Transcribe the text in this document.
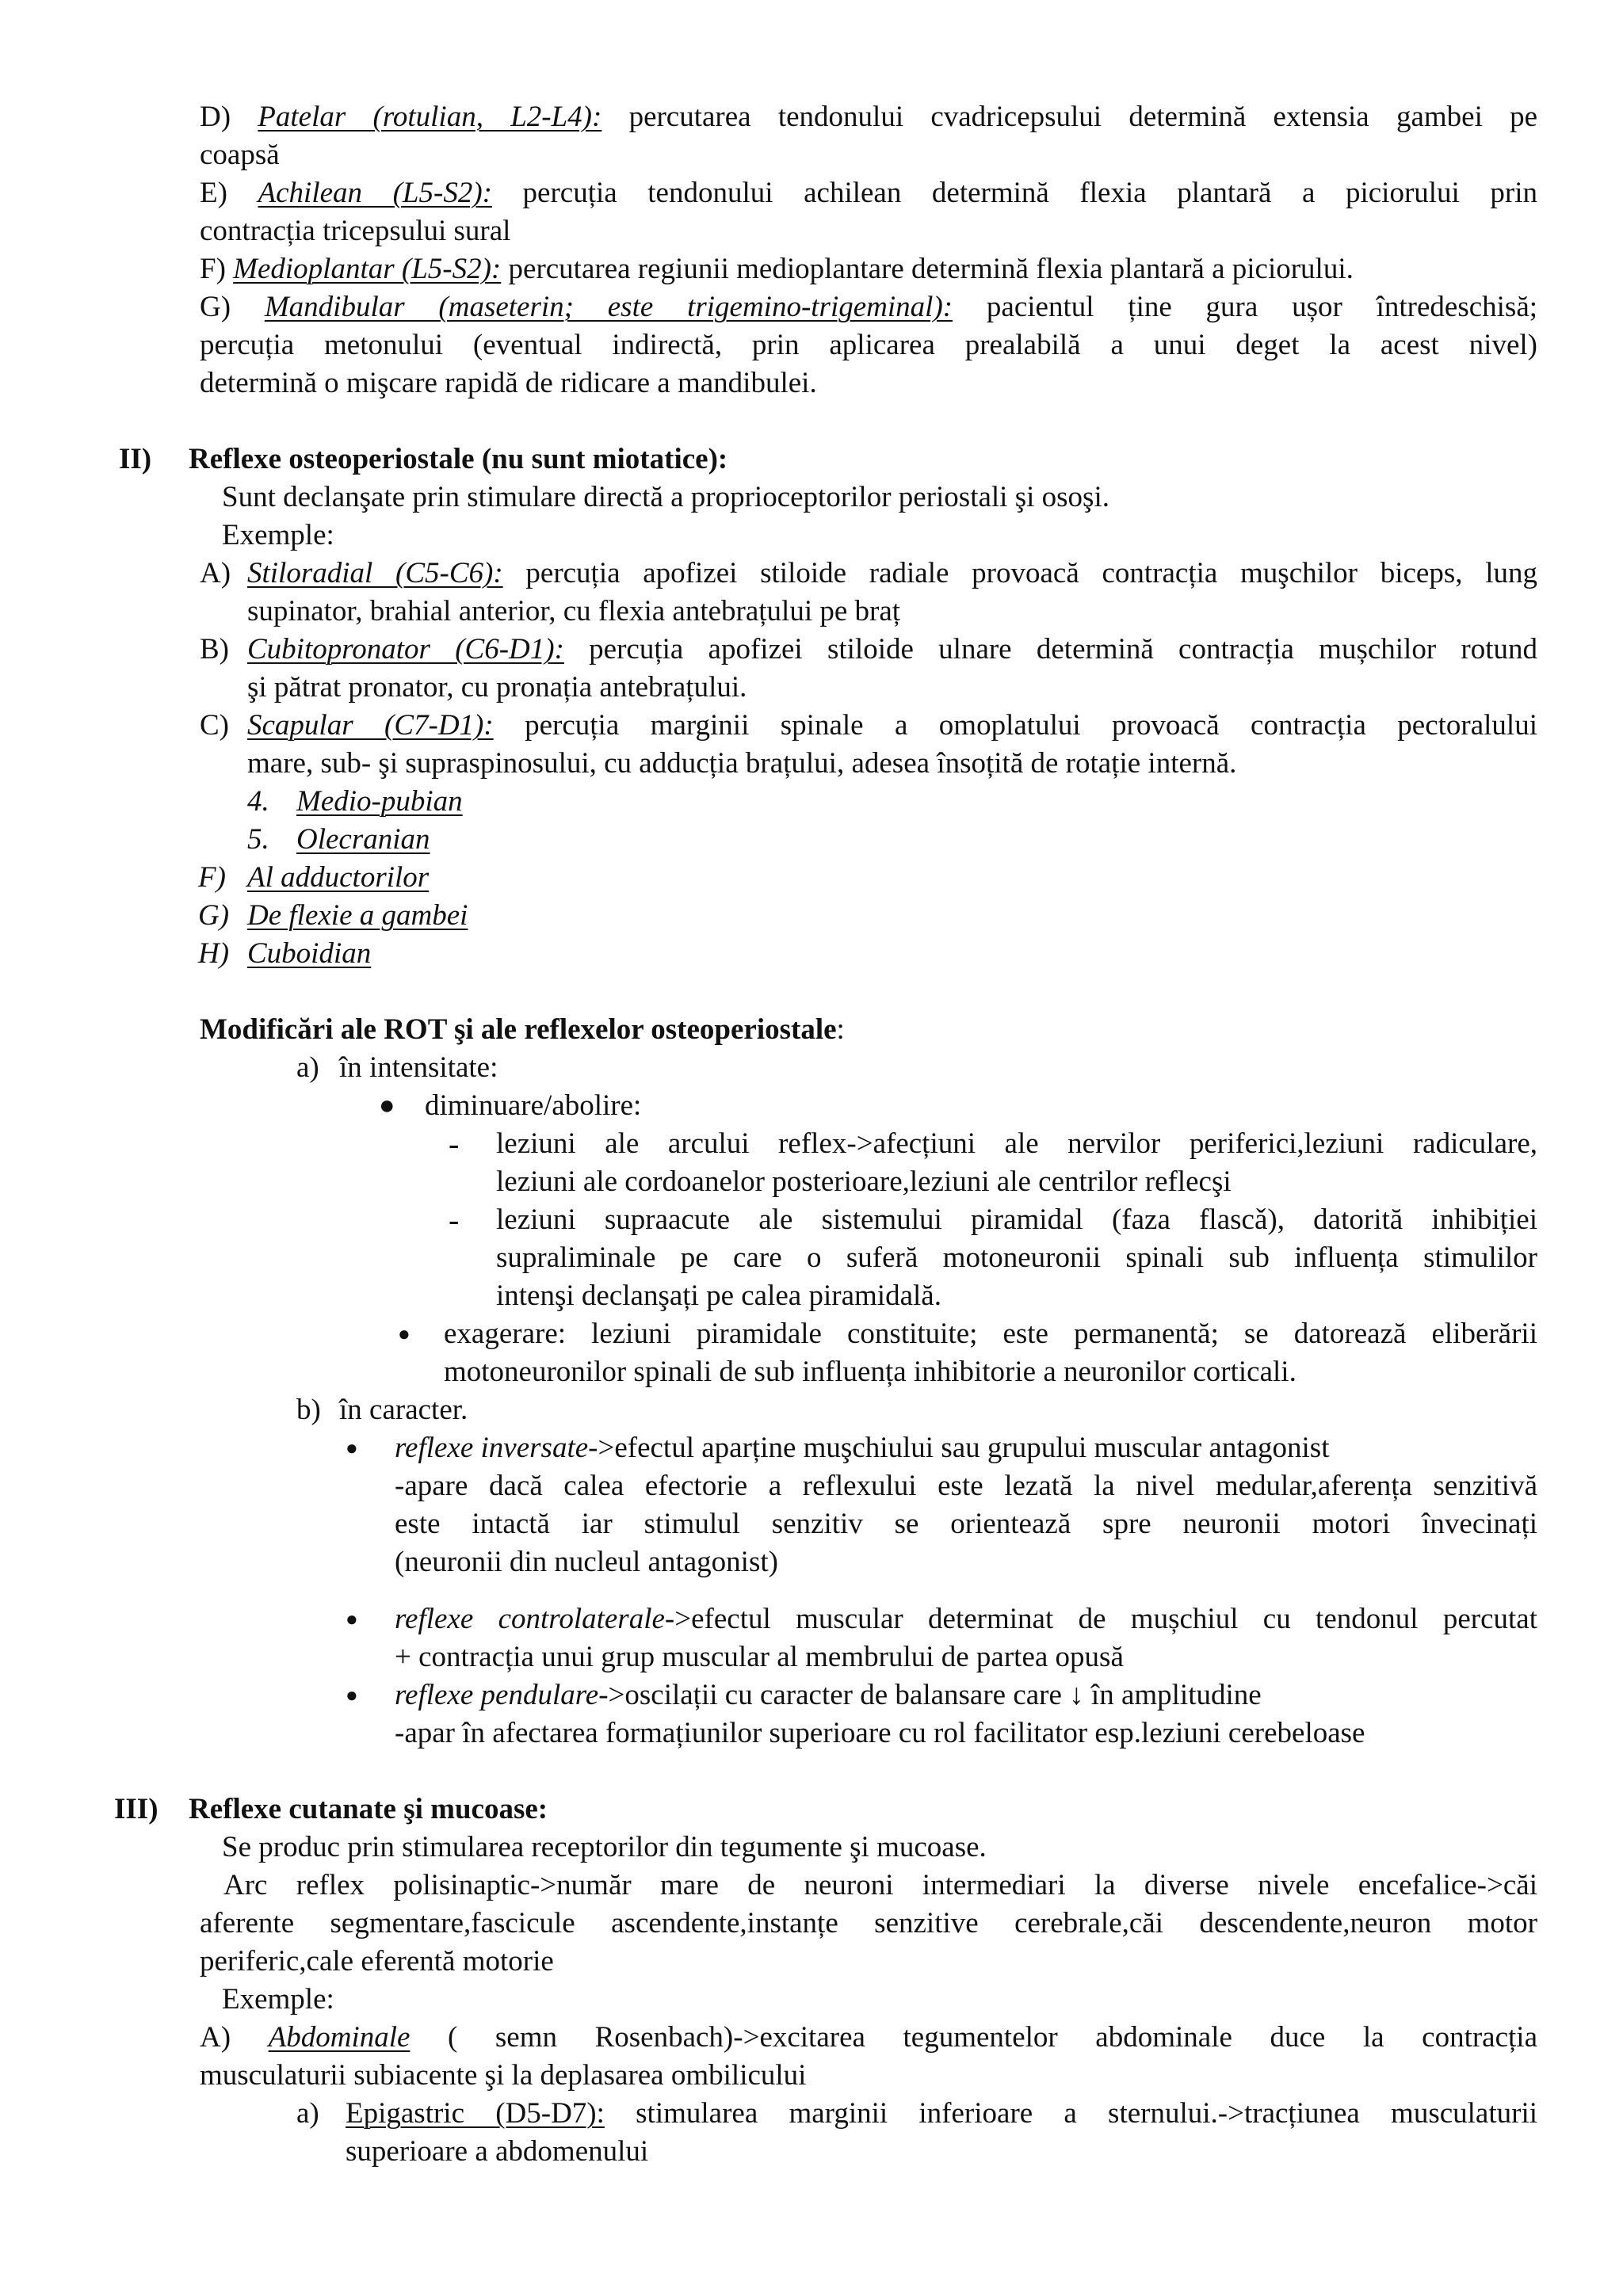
D) Patelar (rotulian, L2-L4): percutarea tendonului cvadricepsului determină extensia gambei pe
coapsă
E) Achilean (L5-S2): percuția tendonului achilean determină flexia plantară a piciorului prin
contracția tricepsului sural
F) Medioplantar (L5-S2): percutarea regiunii medioplantare determină flexia plantară a piciorului.
G) Mandibular (maseterin; este trigemino-trigeminal): pacientul ține gura ușor întredeschisă;
percuția metonului (eventual indirectă, prin aplicarea prealabilă a unui deget la acest nivel)
determină o mişcare rapidă de ridicare a mandibulei.
II) Reflexe osteoperiostale (nu sunt miotatice):
Sunt declanşate prin stimulare directă a proprioceptorilor periostali şi osoşi.
Exemple:
A) Stiloradial (C5-C6): percuția apofizei stiloide radiale provoacă contracția muşchilor biceps, lung
supinator, brahial anterior, cu flexia antebrațului pe braț
B) Cubitopronator (C6-D1): percuția apofizei stiloide ulnare determină contracția mușchilor rotund
şi pătrat pronator, cu pronația antebrațului.
C) Scapular (C7-D1): percuția marginii spinale a omoplatului provoacă contracția pectoralului
mare, sub- şi supraspinosului, cu adducția brațului, adesea însoțită de rotație internă.
4. Medio-pubian
5. Olecranian
F) Al adductorilor
G) De flexie a gambei
H) Cuboidian
Modificări ale ROT şi ale reflexelor osteoperiostale:
a) în intensitate:
● diminuare/abolire:
- leziuni ale arcului reflex->afecțiuni ale nervilor periferici,leziuni radiculare,
leziuni ale cordoanelor posterioare,leziuni ale centrilor reflecşi
- leziuni supraacute ale sistemului piramidal (faza flascǎ), datorită inhibiției
supraliminale pe care o suferă motoneuronii spinali sub influența stimulilor
intenşi declanşați pe calea piramidală.
● exagerare: leziuni piramidale constituite; este permanentă; se datorează eliberării
motoneuronilor spinali de sub influența inhibitorie a neuronilor corticali.
b) în caracter.
● reflexe inversate->efectul aparține muşchiului sau grupului muscular antagonist
-apare dacă calea efectorie a reflexului este lezată la nivel medular,aferența senzitivă
este intactă iar stimulul senzitiv se orientează spre neuronii motori învecinați
(neuronii din nucleul antagonist)
● reflexe controlaterale->efectul muscular determinat de mușchiul cu tendonul percutat
+ contracția unui grup muscular al membrului de partea opusă
● reflexe pendulare->oscilații cu caracter de balansare care ↓ în amplitudine
-apar în afectarea formațiunilor superioare cu rol facilitator esp.leziuni cerebeloase
III) Reflexe cutanate şi mucoase:
Se produc prin stimularea receptorilor din tegumente şi mucoase.
Arc reflex polisinaptic->număr mare de neuroni intermediari la diverse nivele encefalice->căi
aferente segmentare,fascicule ascendente,instanțe senzitive cerebrale,căi descendente,neuron motor
periferic,cale eferentă motorie
Exemple:
A) Abdominale ( semn Rosenbach)->excitarea tegumentelor abdominale duce la contracția
musculaturii subiacente şi la deplasarea ombilicului
a) Epigastric (D5-D7): stimularea marginii inferioare a sternului.->tracțiunea musculaturii
superioare a abdomenului
